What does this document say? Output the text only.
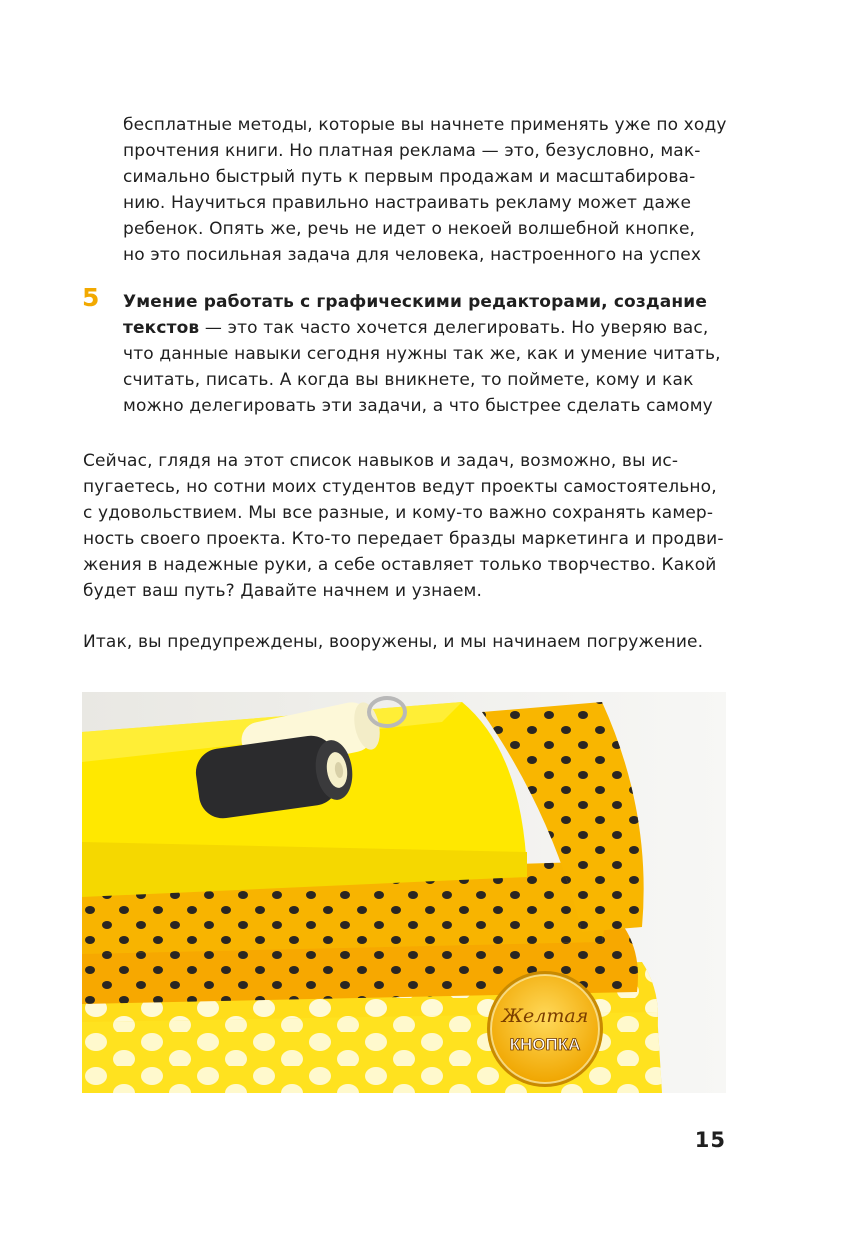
бесплатные методы, которые вы начнете применять уже по ходу
прочтения книги. Но платная реклама — это, безусловно, мак-
симально быстрый путь к первым продажам и масштабирова-
нию. Научиться правильно настраивать рекламу может даже
ребенок. Опять же, речь не идет о некоей волшебной кнопке,
но это посильная задача для человека, настроенного на успех
5 Умение работать с графическими редакторами, создание
текстов — это так часто хочется делегировать. Но уверяю вас,
что данные навыки сегодня нужны так же, как и умение читать,
считать, писать. А когда вы вникнете, то поймете, кому и как
можно делегировать эти задачи, а что быстрее сделать самому
Сейчас, глядя на этот список навыков и задач, возможно, вы ис-
пугаетесь, но сотни моих студентов ведут проекты самостоятельно,
с удовольствием. Мы все разные, и кому-то важно сохранять камер-
ность своего проекта. Кто-то передает бразды маркетинга и продви-
жения в надежные руки, а себе оставляет только творчество. Какой
будет ваш путь? Давайте начнем и узнаем.
Итак, вы предупреждены, вооружены, и мы начинаем погружение.
Желтая
КНОПКА
15
